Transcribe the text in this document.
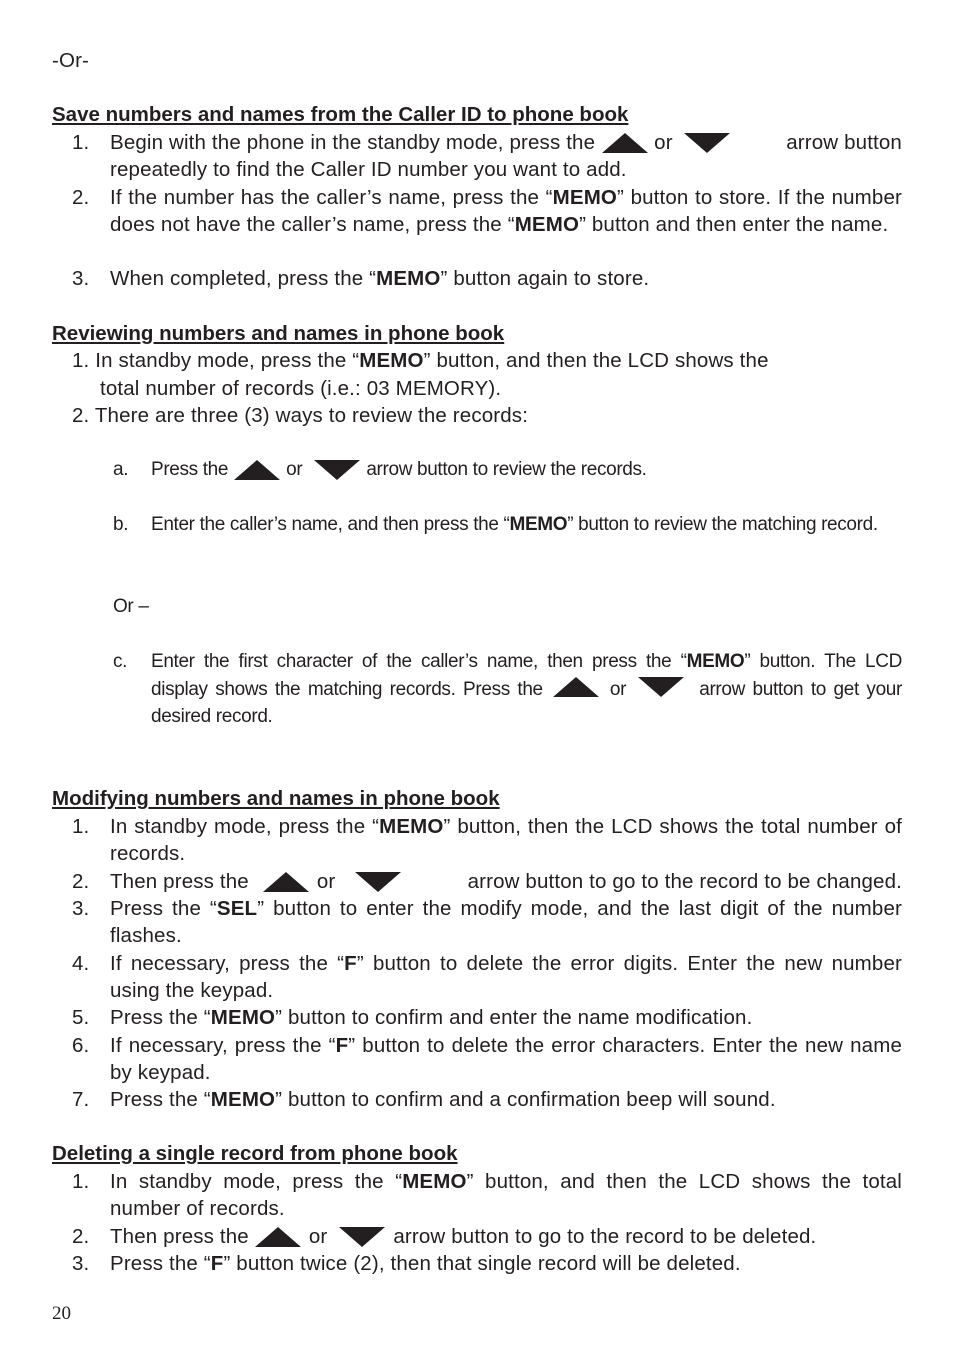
-Or-
Save numbers and names from the Caller ID to phone book
1. Begin with the phone in the standby mode, press the	or	arrow button
repeatedly to find the Caller ID number you want to add.
2. If the number has the caller’s name, press the “MEMO” button to store. If the number does not have the caller’s name, press the “MEMO” button and then enter the name.
3. When completed, press the “MEMO” button again to store.
Reviewing numbers and names in phone book
1. In standby mode, press the “MEMO” button, and then the LCD shows the
total number of records (i.e.: 03 MEMORY).
2. There are three (3) ways to review the records:
a. Press the	or	arrow button to review the records.
b. Enter the caller’s name, and then press the “MEMO” button to review the matching record.
Or –
c. Enter the first character of the caller’s name, then press the “MEMO” button. The LCD display shows the matching records. Press the	or	arrow button to get your desired record.
Modifying numbers and names in phone book
1. In standby mode, press the “MEMO” button, then the LCD shows the total number of records.
2. Then press the	or	arrow button to go to the record to be changed.
3. Press the “SEL” button to enter the modify mode, and the last digit of the number flashes.
4. If necessary, press the “F” button to delete the error digits. Enter the new number using the keypad.
5. Press the “MEMO” button to confirm and enter the name modification.
6. If necessary, press the “F” button to delete the error characters. Enter the new name by keypad.
7. Press the “MEMO” button to confirm and a confirmation beep will sound.
Deleting a single record from phone book
1. In standby mode, press the “MEMO” button, and then the LCD shows the total number of records.
2. Then press the	or	arrow button to go to the record to be deleted.
3. Press the “F” button twice (2), then that single record will be deleted.
20
